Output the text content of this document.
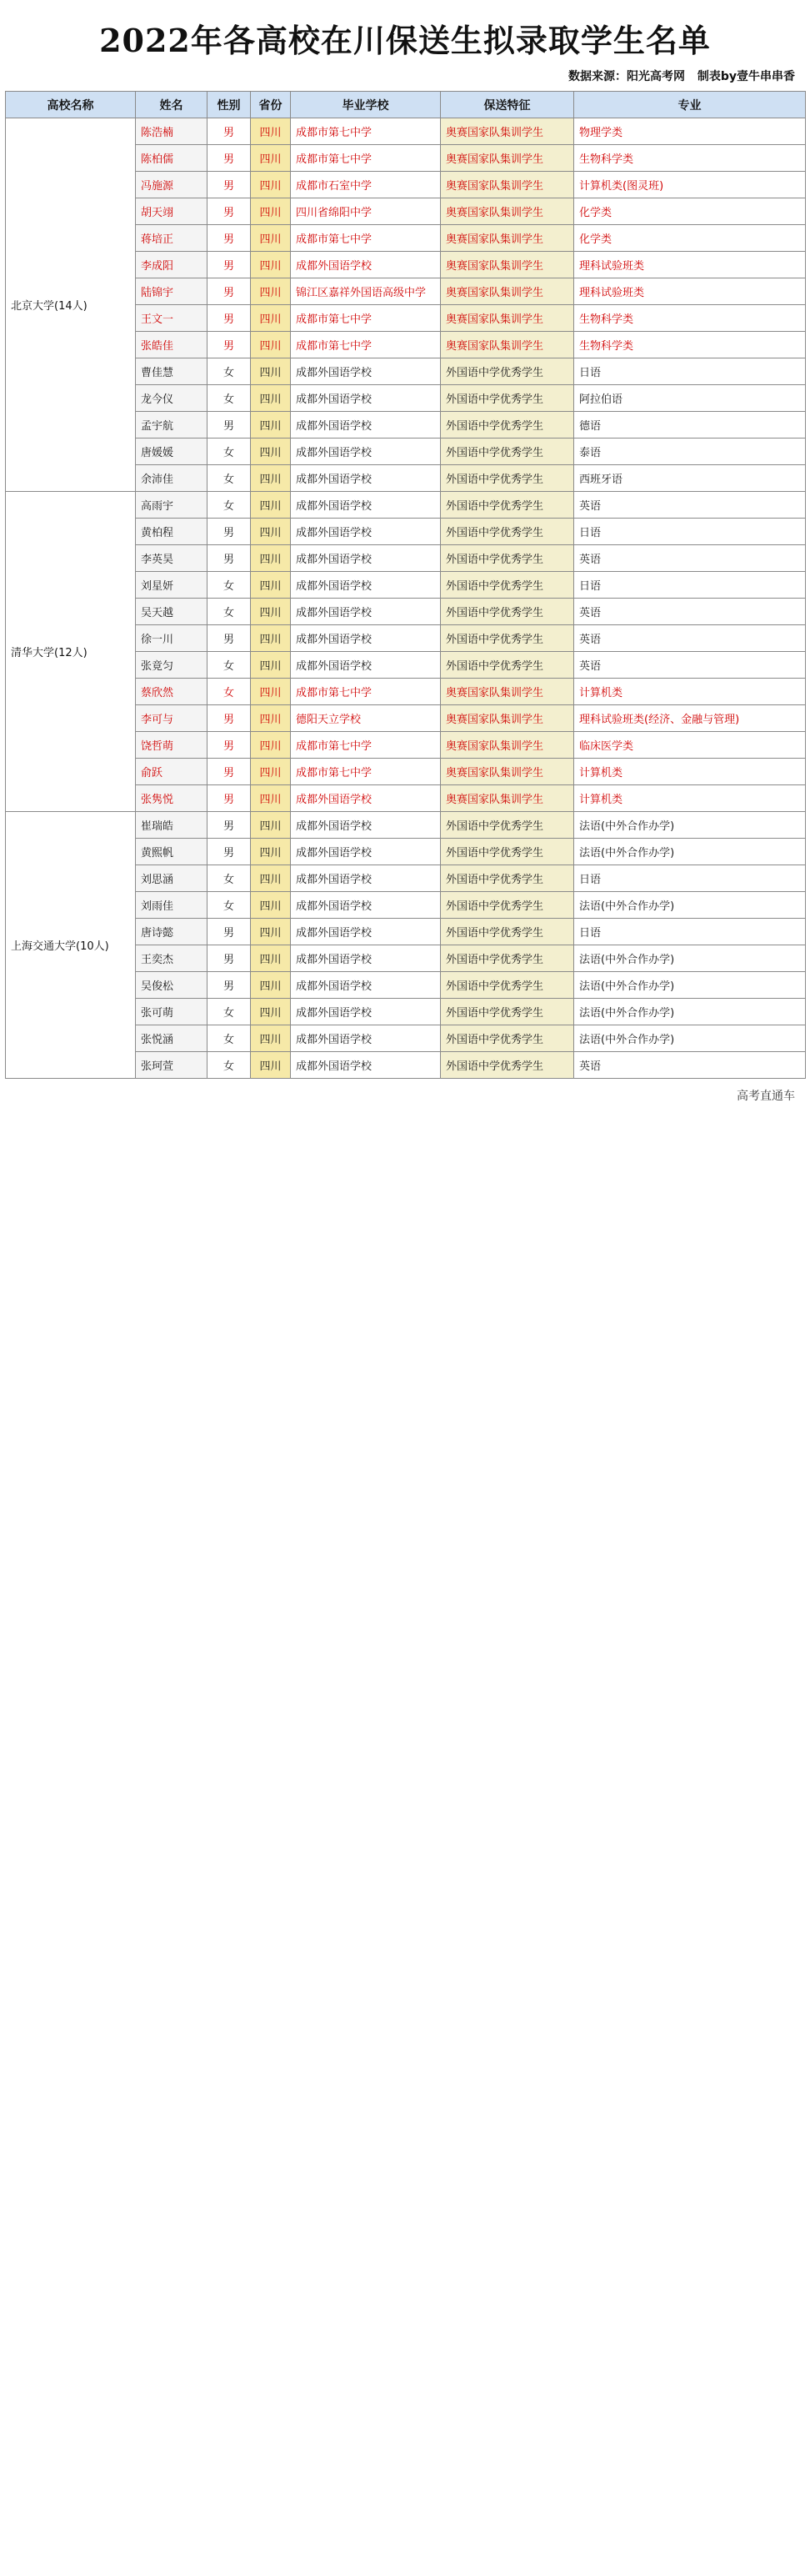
2022年各高校在川保送生拟录取学生名单
数据来源：阳光高考网 制表by壹牛串串香
高校名称	姓名	性别	省份	毕业学校	保送特征	专业
北京大学(14人)	陈浩楠	男	四川	成都市第七中学	奥赛国家队集训学生	物理学类
	陈柏儒	男	四川	成都市第七中学	奥赛国家队集训学生	生物科学类
	冯施源	男	四川	成都市石室中学	奥赛国家队集训学生	计算机类(图灵班)
	胡天翊	男	四川	四川省绵阳中学	奥赛国家队集训学生	化学类
	蒋培正	男	四川	成都市第七中学	奥赛国家队集训学生	化学类
	李成阳	男	四川	成都外国语学校	奥赛国家队集训学生	理科试验班类
	陆锦宇	男	四川	锦江区嘉祥外国语高级中学	奥赛国家队集训学生	理科试验班类
	王文一	男	四川	成都市第七中学	奥赛国家队集训学生	生物科学类
	张皓佳	男	四川	成都市第七中学	奥赛国家队集训学生	生物科学类
	曹佳慧	女	四川	成都外国语学校	外国语中学优秀学生	日语
	龙今仪	女	四川	成都外国语学校	外国语中学优秀学生	阿拉伯语
	孟宇航	男	四川	成都外国语学校	外国语中学优秀学生	德语
	唐媛媛	女	四川	成都外国语学校	外国语中学优秀学生	泰语
	余沛佳	女	四川	成都外国语学校	外国语中学优秀学生	西班牙语
清华大学(12人)	高雨宇	女	四川	成都外国语学校	外国语中学优秀学生	英语
	黄柏程	男	四川	成都外国语学校	外国语中学优秀学生	日语
	李英昊	男	四川	成都外国语学校	外国语中学优秀学生	英语
	刘星妍	女	四川	成都外国语学校	外国语中学优秀学生	日语
	吴天越	女	四川	成都外国语学校	外国语中学优秀学生	英语
	徐一川	男	四川	成都外国语学校	外国语中学优秀学生	英语
	张竟匀	女	四川	成都外国语学校	外国语中学优秀学生	英语
	蔡欣然	女	四川	成都市第七中学	奥赛国家队集训学生	计算机类
	李可与	男	四川	德阳天立学校	奥赛国家队集训学生	理科试验班类(经济、金融与管理)
	饶哲萌	男	四川	成都市第七中学	奥赛国家队集训学生	临床医学类
	俞跃	男	四川	成都市第七中学	奥赛国家队集训学生	计算机类
	张隽悦	男	四川	成都外国语学校	奥赛国家队集训学生	计算机类
上海交通大学(10人)	崔瑞皓	男	四川	成都外国语学校	外国语中学优秀学生	法语(中外合作办学)
	黄熙帆	男	四川	成都外国语学校	外国语中学优秀学生	法语(中外合作办学)
	刘思涵	女	四川	成都外国语学校	外国语中学优秀学生	日语
	刘雨佳	女	四川	成都外国语学校	外国语中学优秀学生	法语(中外合作办学)
	唐诗懿	男	四川	成都外国语学校	外国语中学优秀学生	日语
	王奕杰	男	四川	成都外国语学校	外国语中学优秀学生	法语(中外合作办学)
	吴俊松	男	四川	成都外国语学校	外国语中学优秀学生	法语(中外合作办学)
	张可萌	女	四川	成都外国语学校	外国语中学优秀学生	法语(中外合作办学)
	张悦涵	女	四川	成都外国语学校	外国语中学优秀学生	法语(中外合作办学)
	张珂萱	女	四川	成都外国语学校	外国语中学优秀学生	英语
高考直通车
